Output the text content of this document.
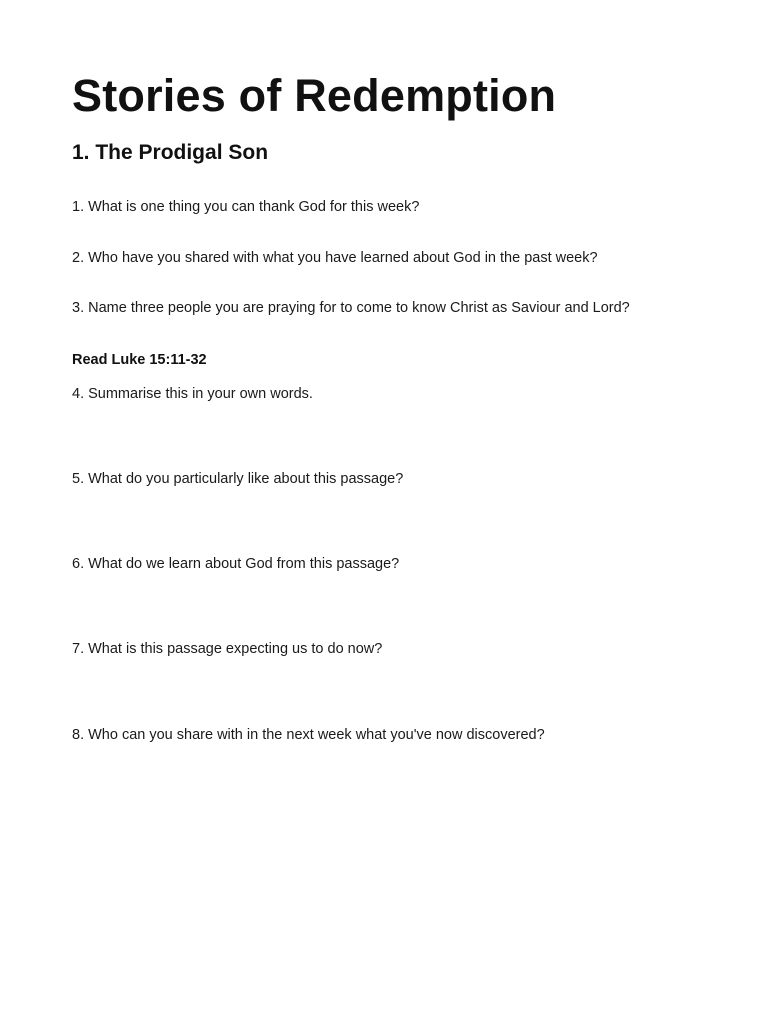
Stories of Redemption
1. The Prodigal Son

1. What is one thing you can thank God for this week?

2. Who have you shared with what you have learned about God in the past week?

3. Name three people you are praying for to come to know Christ as Saviour and Lord?

Read Luke 15:11-32

4. Summarise this in your own words.

5. What do you particularly like about this passage?

6. What do we learn about God from this passage?

7. What is this passage expecting us to do now?

8. Who can you share with in the next week what you've now discovered?
